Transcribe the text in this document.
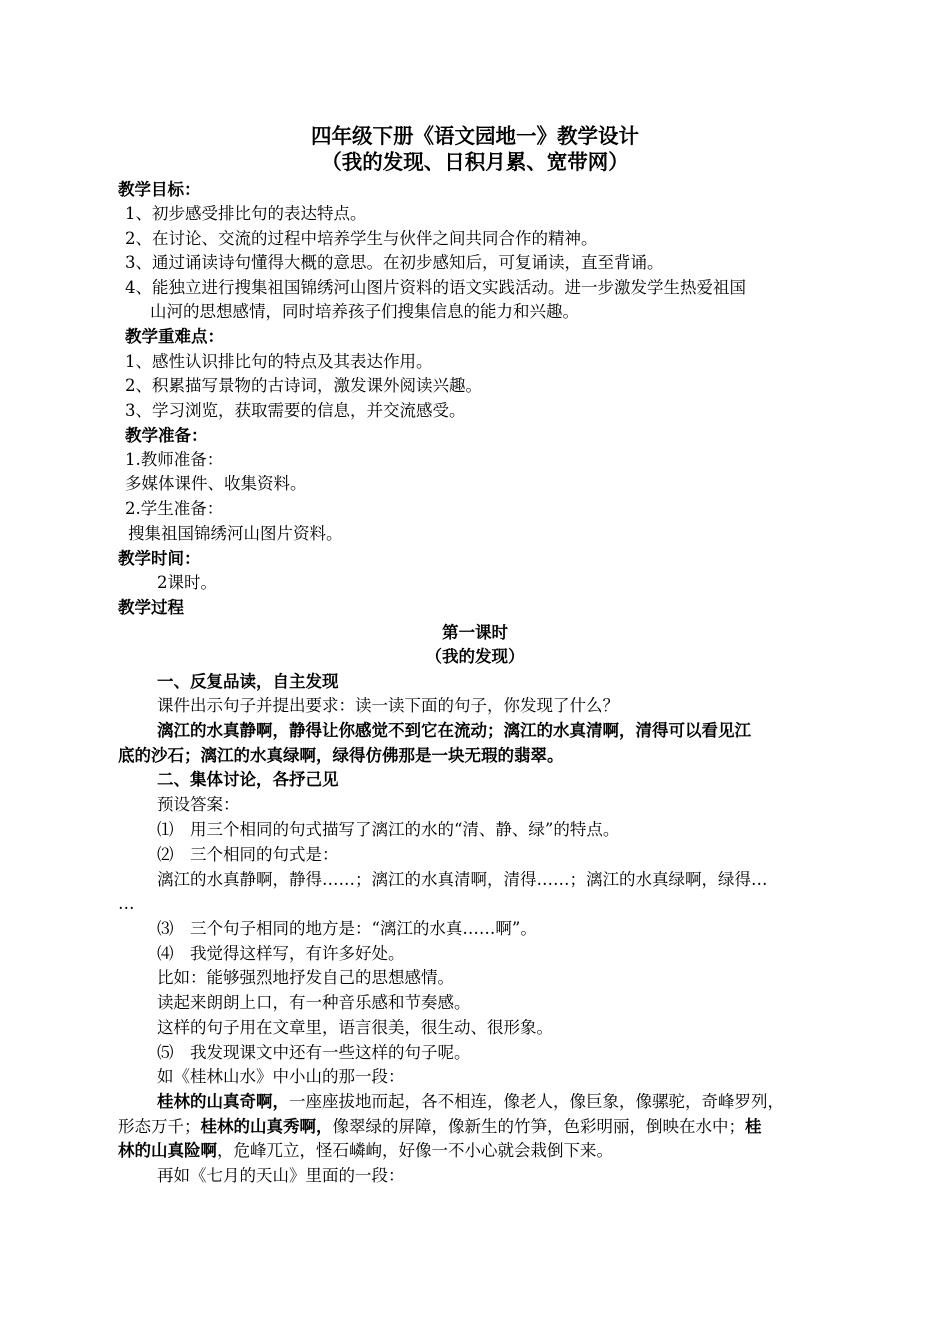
四年级下册《语文园地一》教学设计
（我的发现、日积月累、宽带网）
教学目标：
1、初步感受排比句的表达特点。
2、在讨论、交流的过程中培养学生与伙伴之间共同合作的精神。
3、通过诵读诗句懂得大概的意思。在初步感知后，可复诵读，直至背诵。
4、能独立进行搜集祖国锦绣河山图片资料的语文实践活动。进一步激发学生热爱祖国
山河的思想感情，同时培养孩子们搜集信息的能力和兴趣。
教学重难点：
1、感性认识排比句的特点及其表达作用。
2、积累描写景物的古诗词，激发课外阅读兴趣。
3、学习浏览，获取需要的信息，并交流感受。
教学准备：
1.教师准备：
多媒体课件、收集资料。
2.学生准备：
搜集祖国锦绣河山图片资料。
教学时间：
2课时。
教学过程
第一课时
（我的发现）
一、反复品读，自主发现
课件出示句子并提出要求：读一读下面的句子，你发现了什么？
漓江的水真静啊，静得让你感觉不到它在流动；漓江的水真清啊，清得可以看见江
底的沙石；漓江的水真绿啊，绿得仿佛那是一块无瑕的翡翠。
二、集体讨论，各抒己见
预设答案：
⑴　用三个相同的句式描写了漓江的水的“清、静、绿”的特点。
⑵　三个相同的句式是：
漓江的水真静啊，静得……；漓江的水真清啊，清得……；漓江的水真绿啊，绿得…
…
⑶　三个句子相同的地方是：“漓江的水真……啊”。
⑷　我觉得这样写，有许多好处。
比如：能够强烈地抒发自己的思想感情。
读起来朗朗上口，有一种音乐感和节奏感。
这样的句子用在文章里，语言很美，很生动、很形象。
⑸　我发现课文中还有一些这样的句子呢。
如《桂林山水》中小山的那一段：
桂林的山真奇啊，一座座拔地而起，各不相连，像老人，像巨象，像骡驼，奇峰罗列，
形态万千；桂林的山真秀啊，像翠绿的屏障，像新生的竹笋，色彩明丽，倒映在水中；桂
林的山真险啊，危峰兀立，怪石嶙峋，好像一不小心就会栽倒下来。
再如《七月的天山》里面的一段：
